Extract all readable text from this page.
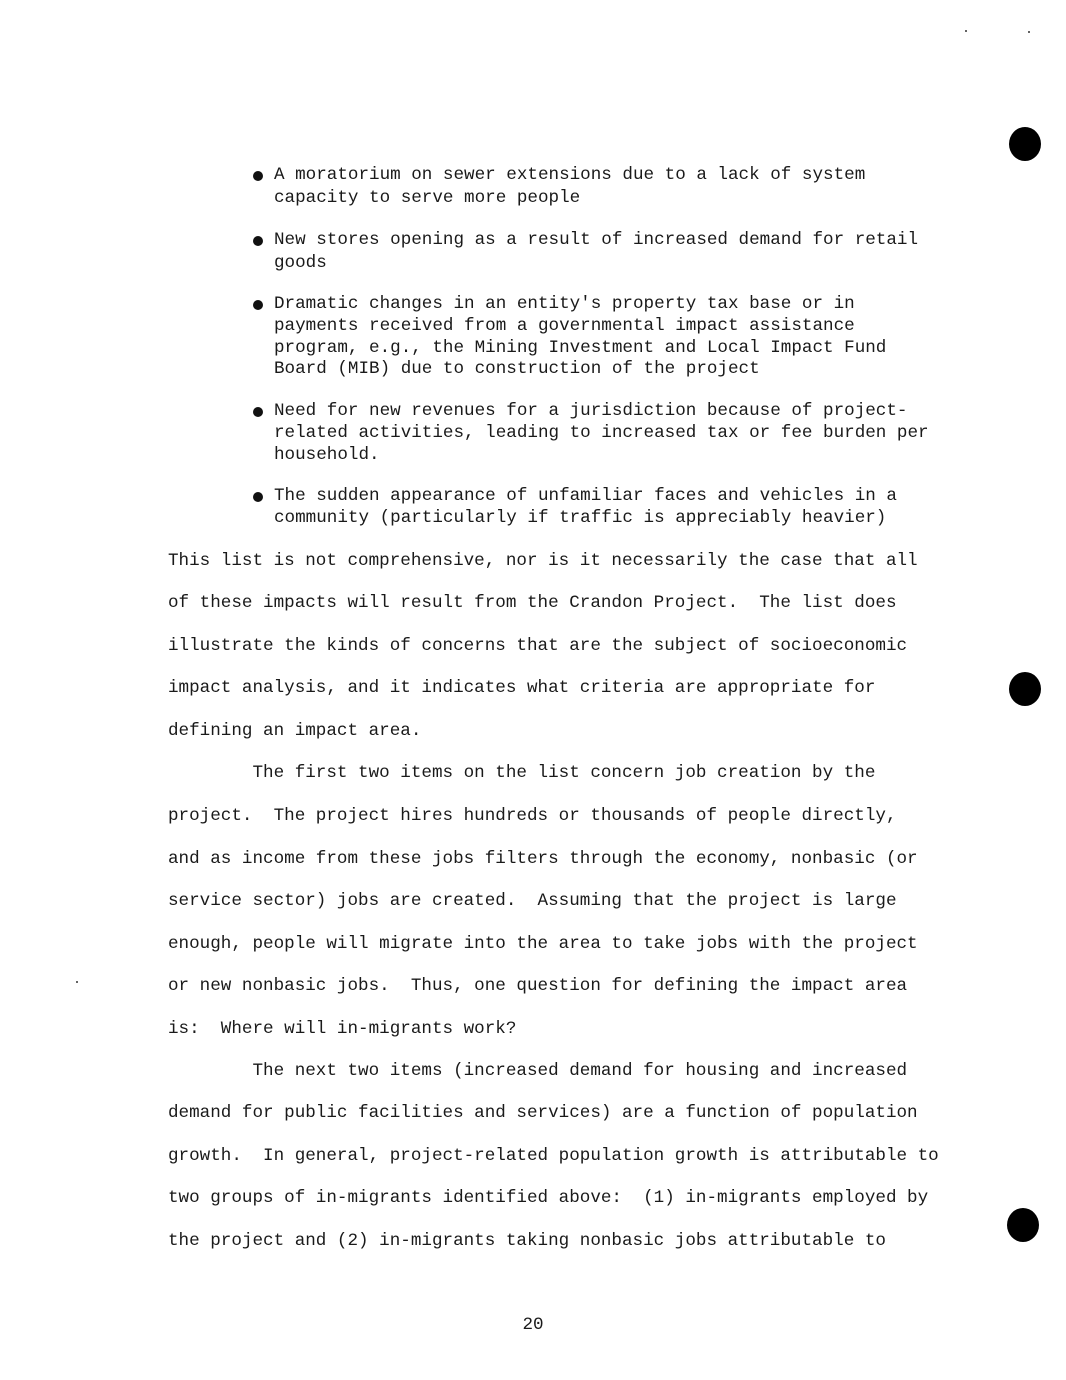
A moratorium on sewer extensions due to a lack of system
capacity to serve more people
New stores opening as a result of increased demand for retail
goods
Dramatic changes in an entity's property tax base or in
payments received from a governmental impact assistance
program, e.g., the Mining Investment and Local Impact Fund
Board (MIB) due to construction of the project
Need for new revenues for a jurisdiction because of project-
related activities, leading to increased tax or fee burden per
household.
The sudden appearance of unfamiliar faces and vehicles in a
community (particularly if traffic is appreciably heavier)
This list is not comprehensive, nor is it necessarily the case that all
of these impacts will result from the Crandon Project.  The list does
illustrate the kinds of concerns that are the subject of socioeconomic
impact analysis, and it indicates what criteria are appropriate for
defining an impact area.
The first two items on the list concern job creation by the
project.  The project hires hundreds or thousands of people directly,
and as income from these jobs filters through the economy, nonbasic (or
service sector) jobs are created.  Assuming that the project is large
enough, people will migrate into the area to take jobs with the project
or new nonbasic jobs.  Thus, one question for defining the impact area
is:  Where will in-migrants work?
The next two items (increased demand for housing and increased
demand for public facilities and services) are a function of population
growth.  In general, project-related population growth is attributable to
two groups of in-migrants identified above:  (1) in-migrants employed by
the project and (2) in-migrants taking nonbasic jobs attributable to
20
